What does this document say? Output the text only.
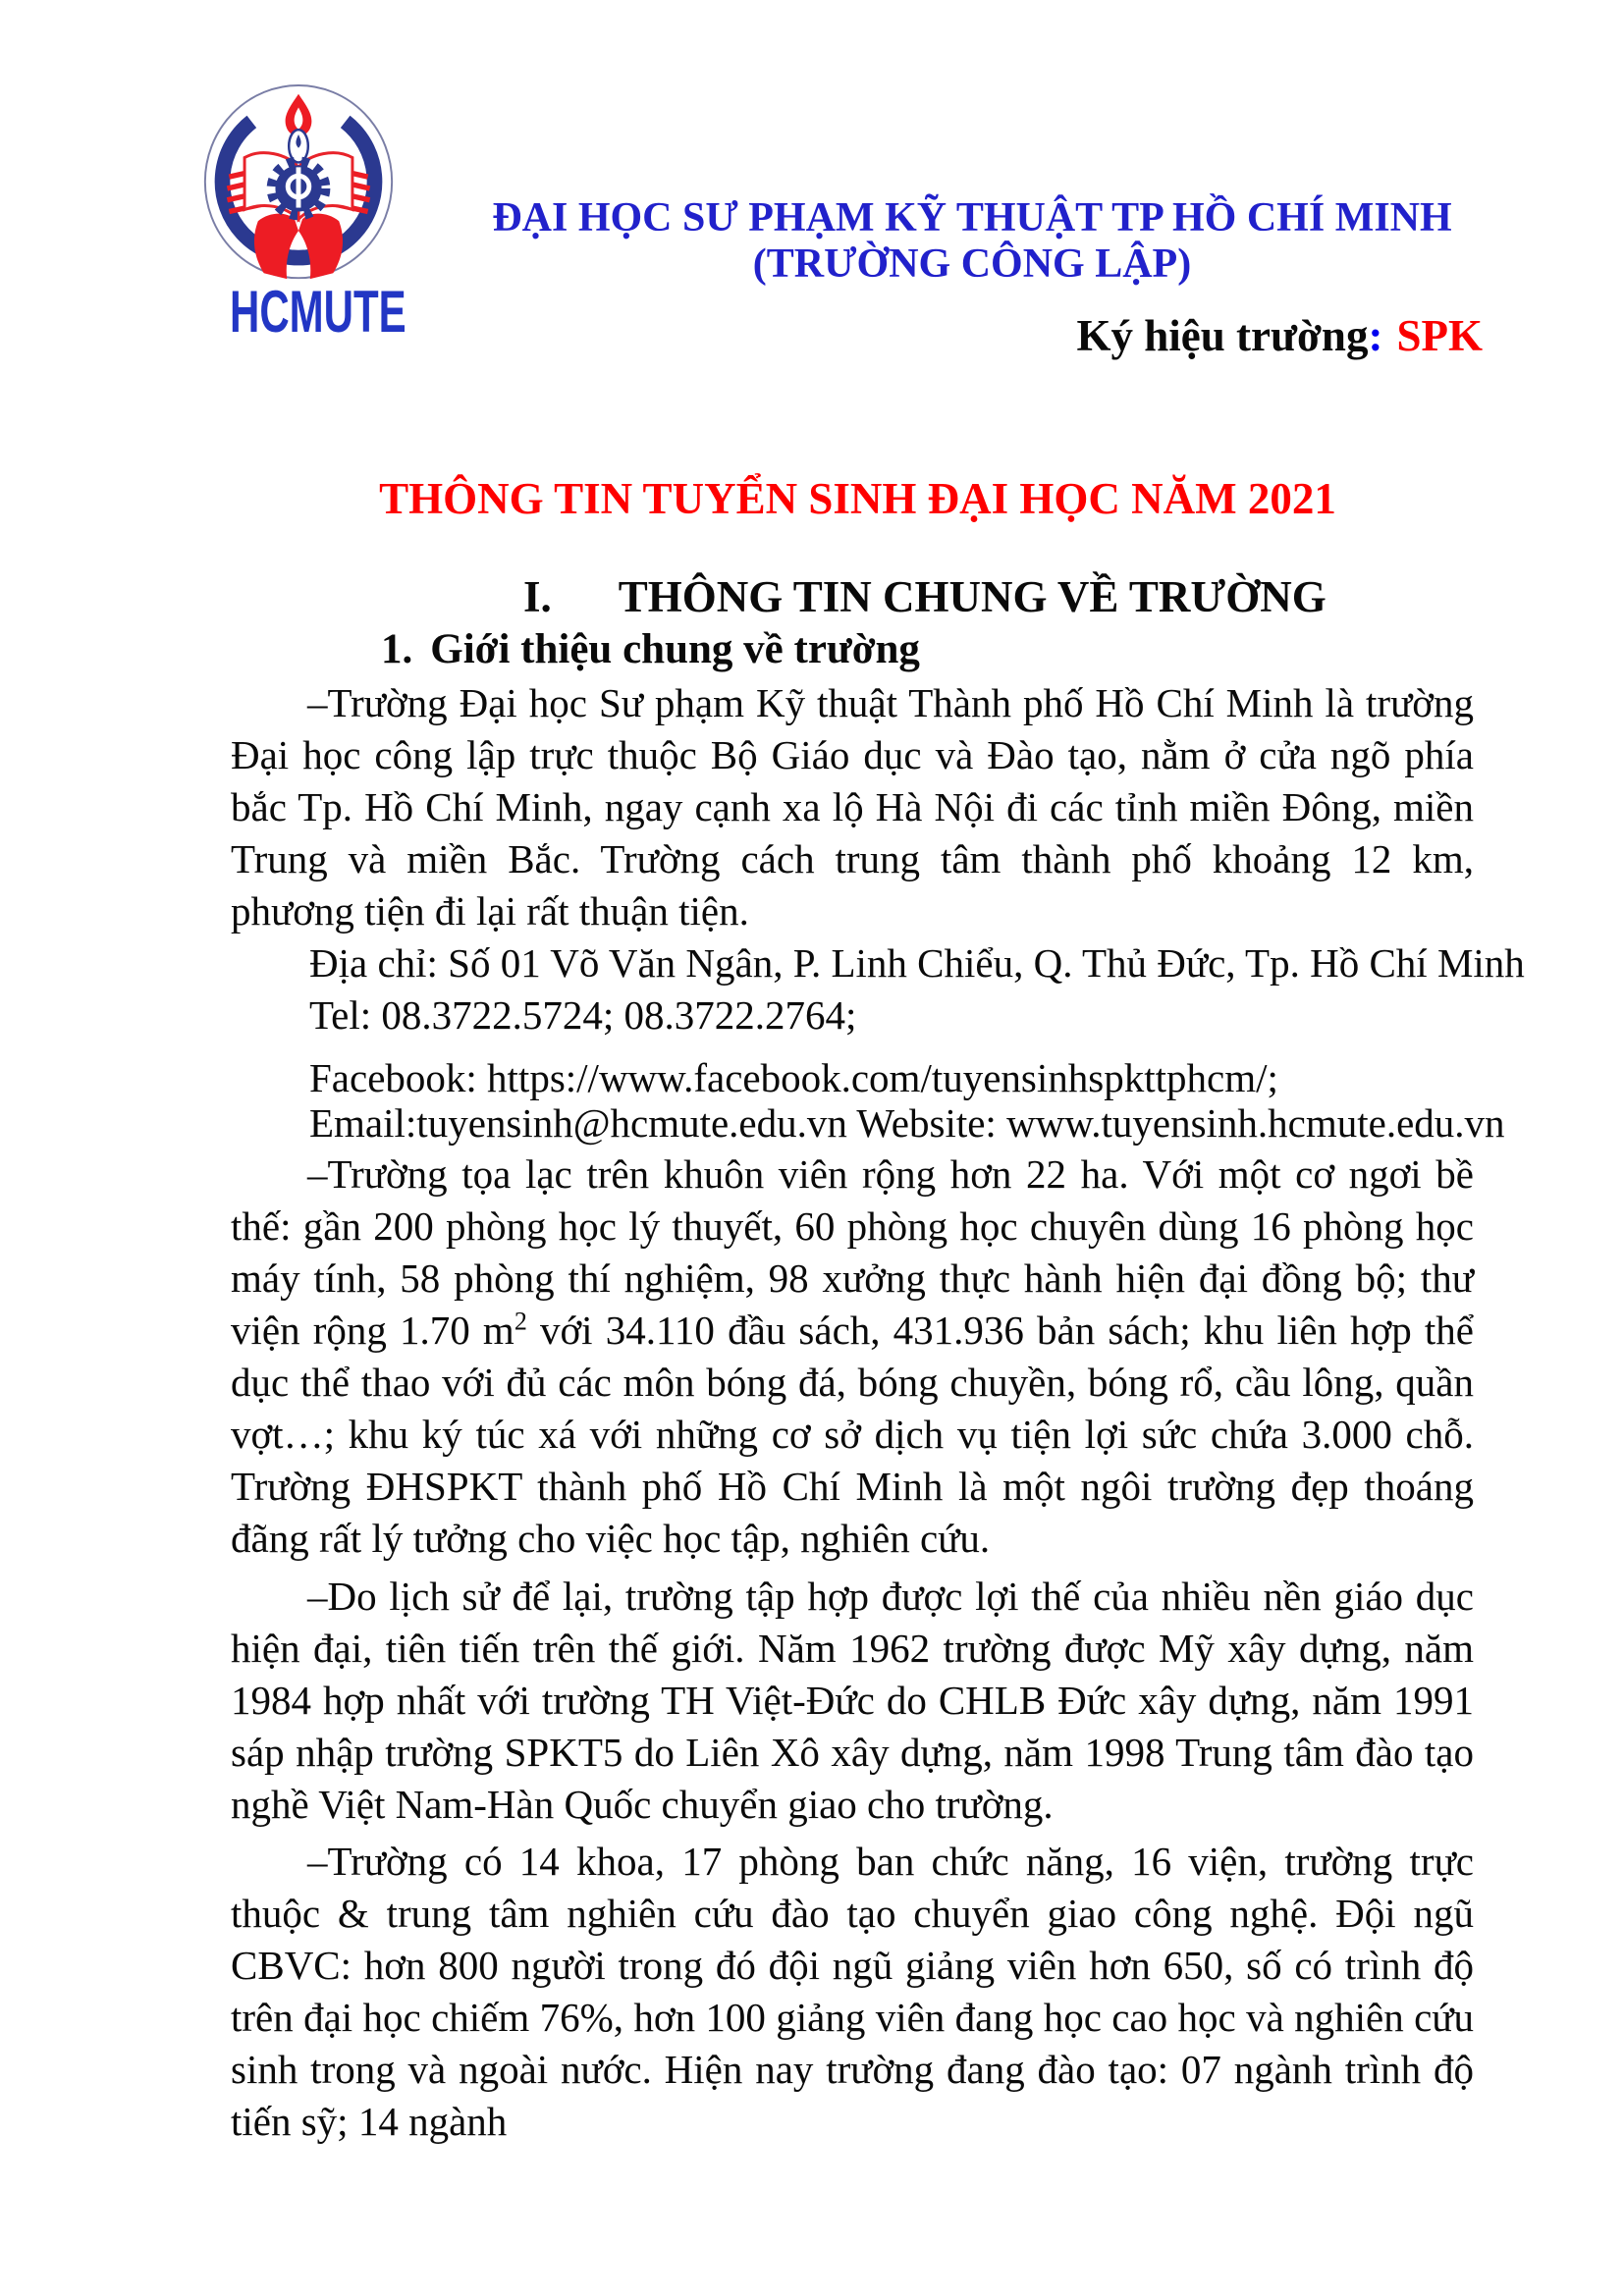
HCMUTE
ĐẠI HỌC SƯ PHẠM KỸ THUẬT TP HỒ CHÍ MINH
(TRƯỜNG CÔNG LẬP)
Ký hiệu trường: SPK
THÔNG TIN TUYỂN SINH ĐẠI HỌC NĂM 2021
I. THÔNG TIN CHUNG VỀ TRƯỜNG
1. Giới thiệu chung về trường

–Trường Đại học Sư phạm Kỹ thuật Thành phố Hồ Chí Minh là trường Đại học công lập trực thuộc Bộ Giáo dục và Đào tạo, nằm ở cửa ngõ phía bắc Tp. Hồ Chí Minh, ngay cạnh xa lộ Hà Nội đi các tỉnh miền Đông, miền Trung và miền Bắc. Trường cách trung tâm thành phố khoảng 12 km, phương tiện đi lại rất thuận tiện.

Địa chỉ: Số 01 Võ Văn Ngân, P. Linh Chiểu, Q. Thủ Đức, Tp. Hồ Chí Minh

Tel: 08.3722.5724; 08.3722.2764;

Facebook: https://www.facebook.com/tuyensinhspkttphcm/;
Email:tuyensinh@hcmute.edu.vn Website: www.tuyensinh.hcmute.edu.vn

–Trường tọa lạc trên khuôn viên rộng hơn 22 ha. Với một cơ ngơi bề thế: gần 200 phòng học lý thuyết, 60 phòng học chuyên dùng 16 phòng học máy tính, 58 phòng thí nghiệm, 98 xưởng thực hành hiện đại đồng bộ; thư viện rộng 1.70 $m^2$ với 34.110 đầu sách, 431.936 bản sách; khu liên hợp thể dục thể thao với đủ các môn bóng đá, bóng chuyền, bóng rổ, cầu lông, quần vợt…; khu ký túc xá với những cơ sở dịch vụ tiện lợi sức chứa 3.000 chỗ. Trường ĐHSPKT thành phố Hồ Chí Minh là một ngôi trường đẹp thoáng đãng rất lý tưởng cho việc học tập, nghiên cứu.

–Do lịch sử để lại, trường tập hợp được lợi thế của nhiều nền giáo dục hiện đại, tiên tiến trên thế giới. Năm 1962 trường được Mỹ xây dựng, năm 1984 hợp nhất với trường TH Việt-Đức do CHLB Đức xây dựng, năm 1991 sáp nhập trường SPKT5 do Liên Xô xây dựng, năm 1998 Trung tâm đào tạo nghề Việt Nam-Hàn Quốc chuyển giao cho trường.

–Trường có 14 khoa, 17 phòng ban chức năng, 16 viện, trường trực thuộc & trung tâm nghiên cứu đào tạo chuyển giao công nghệ. Đội ngũ CBVC: hơn 800 người trong đó đội ngũ giảng viên hơn 650, số có trình độ trên đại học chiếm 76%, hơn 100 giảng viên đang học cao học và nghiên cứu sinh trong và ngoài nước. Hiện nay trường đang đào tạo: 07 ngành trình độ tiến sỹ; 14 ngành
